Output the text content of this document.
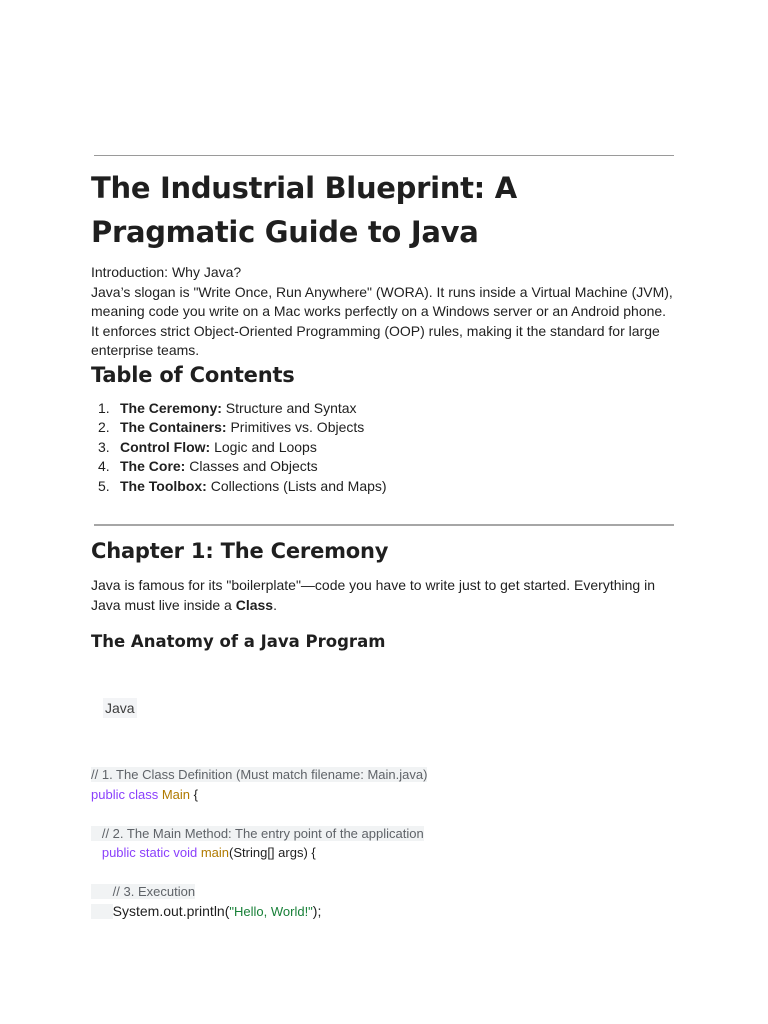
The Industrial Blueprint: A Pragmatic Guide to Java

Introduction: Why Java?

Java’s slogan is "Write Once, Run Anywhere" (WORA). It runs inside a Virtual Machine (JVM), meaning code you write on a Mac works perfectly on a Windows server or an Android phone. It enforces strict Object-Oriented Programming (OOP) rules, making it the standard for large enterprise teams.

Table of Contents
1. The Ceremony: Structure and Syntax
2. The Containers: Primitives vs. Objects
3. Control Flow: Logic and Loops
4. The Core: Classes and Objects
5. The Toolbox: Collections (Lists and Maps)
Chapter 1: The Ceremony

Java is famous for its "boilerplate"—code you have to write just to get started. Everything in Java must live inside a Class.

The Anatomy of a Java Program
Java
// 1. The Class Definition (Must match filename: Main.java)
public class Main {
// 2. The Main Method: The entry point of the application
public static void main(String[] args) {
// 3. Execution
System.out.println("Hello, World!");
